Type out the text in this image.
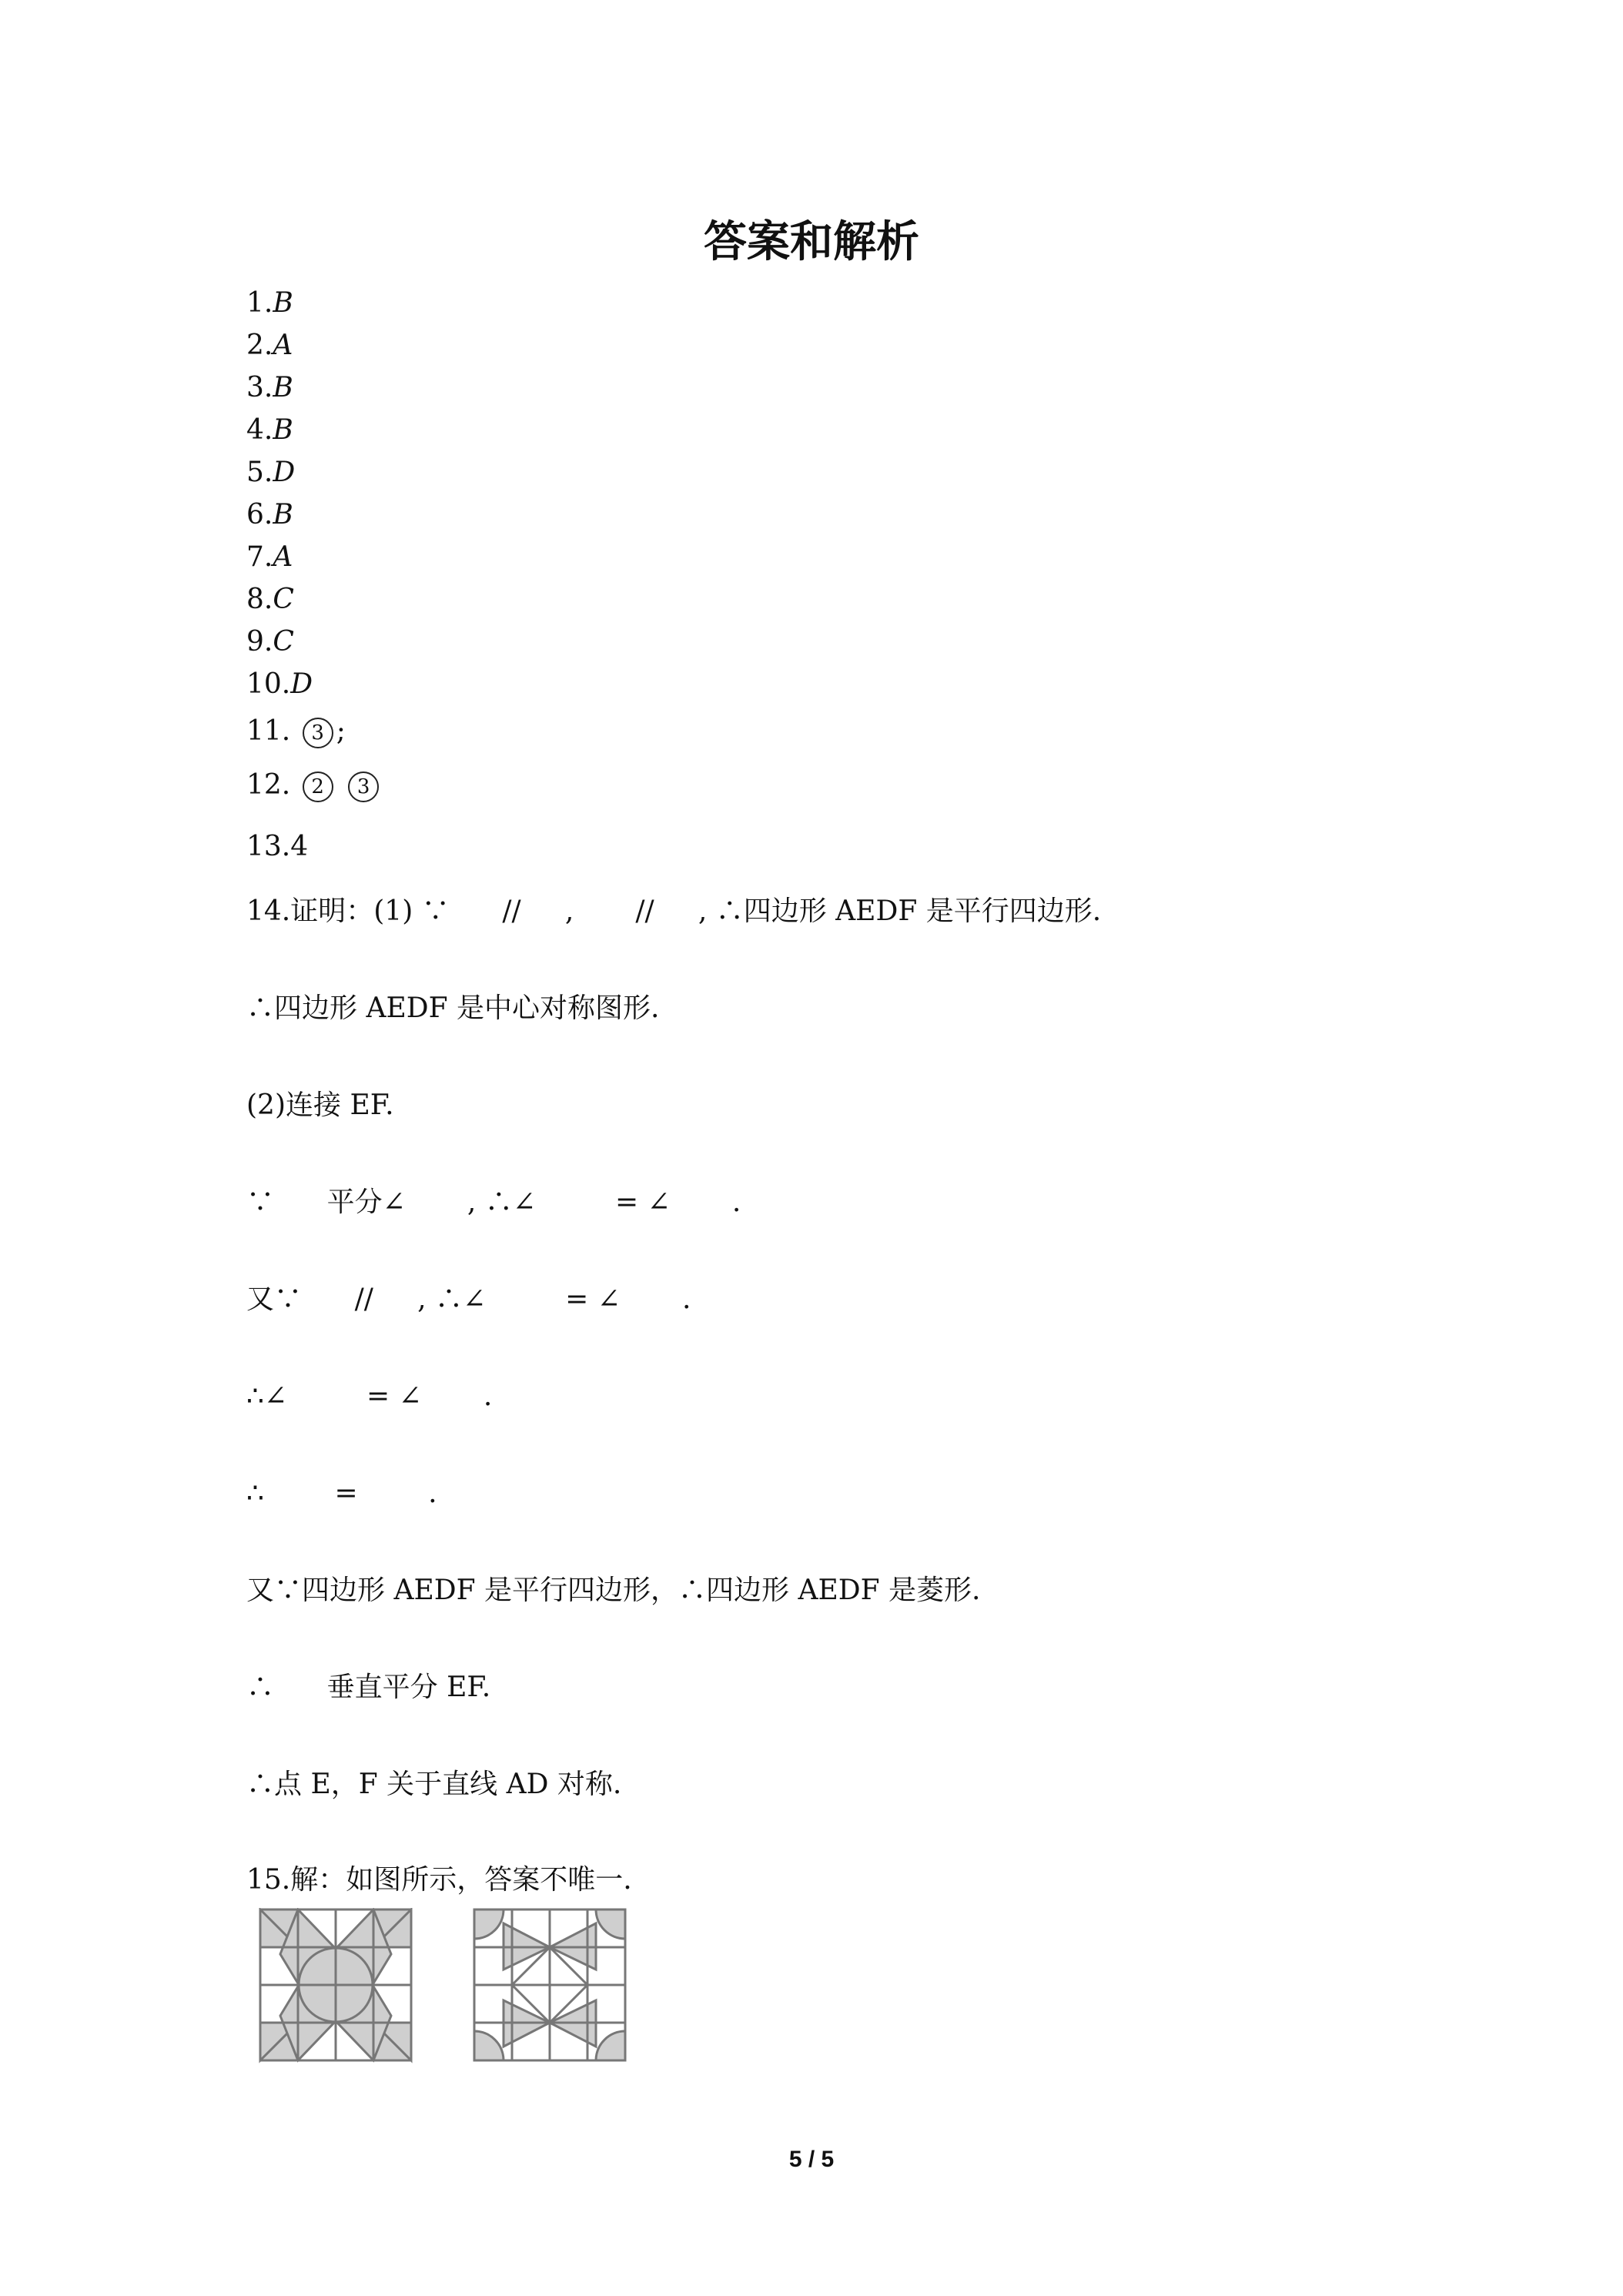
答案和解析
1.B
2.A
3.B
4.B
5.D
6.B
7.A
8.C
9.C
10.D
11. 3 ;
12. 2 3
13.4
14.证明：(1) ∵      //     ,       //     , ∴四边形 AEDF 是平行四边形.
∴四边形 AEDF 是中心对称图形.
(2)连接 EF.
∵      平分∠       , ∴∠         = ∠       .
又∵      //     , ∴∠         = ∠       .
∴∠         = ∠       .
∴        =        .
又∵四边形 AEDF 是平行四边形，∴四边形 AEDF 是菱形.
∴      垂直平分 EF.
∴点 E，F 关于直线 AD 对称.
15.解：如图所示，答案不唯一.
5 / 5
